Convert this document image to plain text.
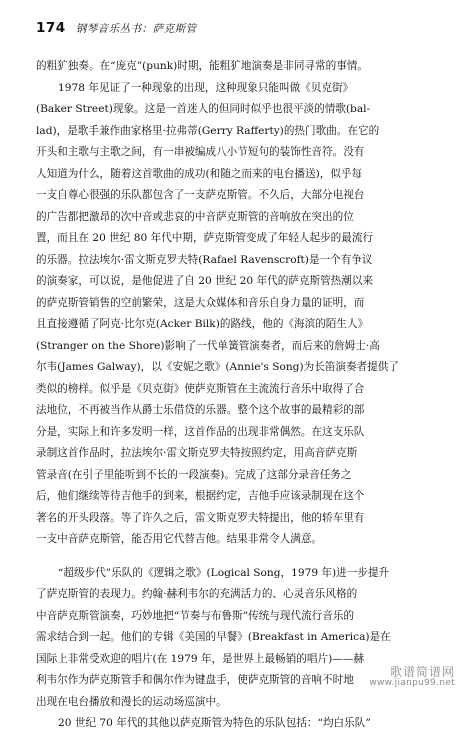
174 钢琴音乐丛书：萨克斯管
的粗犷独奏。在“庞克”(punk)时期，能粗犷地演奏是非同寻常的事情。
1978 年见证了一种现象的出现，这种现象只能叫做《贝克街》
(Baker Street)现象。这是一首迷人的但同时似乎也很平淡的情歌(bal-
lad)，是歌手兼作曲家格里·拉弗蒂(Gerry Rafferty)的热门歌曲。在它的
开头和主歌与主歌之间，有一串被编成八小节短句的装饰性音符。没有
人知道为什么，随着这首歌曲的成功(和随之而来的电台播送)，似乎每
一支自尊心很强的乐队都包含了一支萨克斯管。不久后，大部分电视台
的广告都把激昂的次中音或悲哀的中音萨克斯管的音响放在突出的位
置，而且在 20 世纪 80 年代中期，萨克斯管变成了年轻人起步的最流行
的乐器。拉法埃尔·雷文斯克罗夫特(Rafael Ravenscroft)是一个有争议
的演奏家，可以说，是他促进了自 20 世纪 20 年代的萨克斯管热潮以来
的萨克斯管销售的空前繁荣，这是大众媒体和音乐自身力量的证明，而
且直接遵循了阿克·比尔克(Acker Bilk)的路线，他的《海滨的陌生人》
(Stranger on the Shore)影响了一代单簧管演奏者，而后来的詹姆士·高
尔韦(James Galway)，以《安妮之歌》(Annie's Song)为长笛演奏者提供了
类似的榜样。似乎是《贝克街》使萨克斯管在主流流行音乐中取得了合
法地位，不再被当作从爵士乐借贷的乐器。整个这个故事的最精彩的部
分是，实际上和许多发明一样，这首作品的出现非常偶然。在这支乐队
录制这首作品时，拉法埃尔·雷文斯克罗夫特按照约定，用高音萨克斯
管录音(在引子里能听到不长的一段演奏)。完成了这部分录音任务之
后，他们继续等待吉他手的到来，根据约定，吉他手应该录制现在这个
著名的开头段落。等了许久之后，雷文斯克罗夫特提出，他的轿车里有
一支中音萨克斯管，能否用它代替吉他。结果非常令人满意。
“超级步代”乐队的《逻辑之歌》(Logical Song，1979 年)进一步提升
了萨克斯管的表现力。约翰·赫利韦尔的充满活力的、心灵音乐风格的
中音萨克斯管演奏，巧妙地把“节奏与布鲁斯”传统与现代流行音乐的
需求结合到一起。他们的专辑《美国的早餐》(Breakfast in America)是在
国际上非常受欢迎的唱片(在 1979 年，是世界上最畅销的唱片)——赫
利韦尔作为萨克斯管手和偶尔作为键盘手，使萨克斯管的音响不时地
出现在电台播放和漫长的运动场巡演中。
20 世纪 70 年代的其他以萨克斯管为特色的乐队包括：“均白乐队”
歌谱简谱网
www.jianpu99.net
